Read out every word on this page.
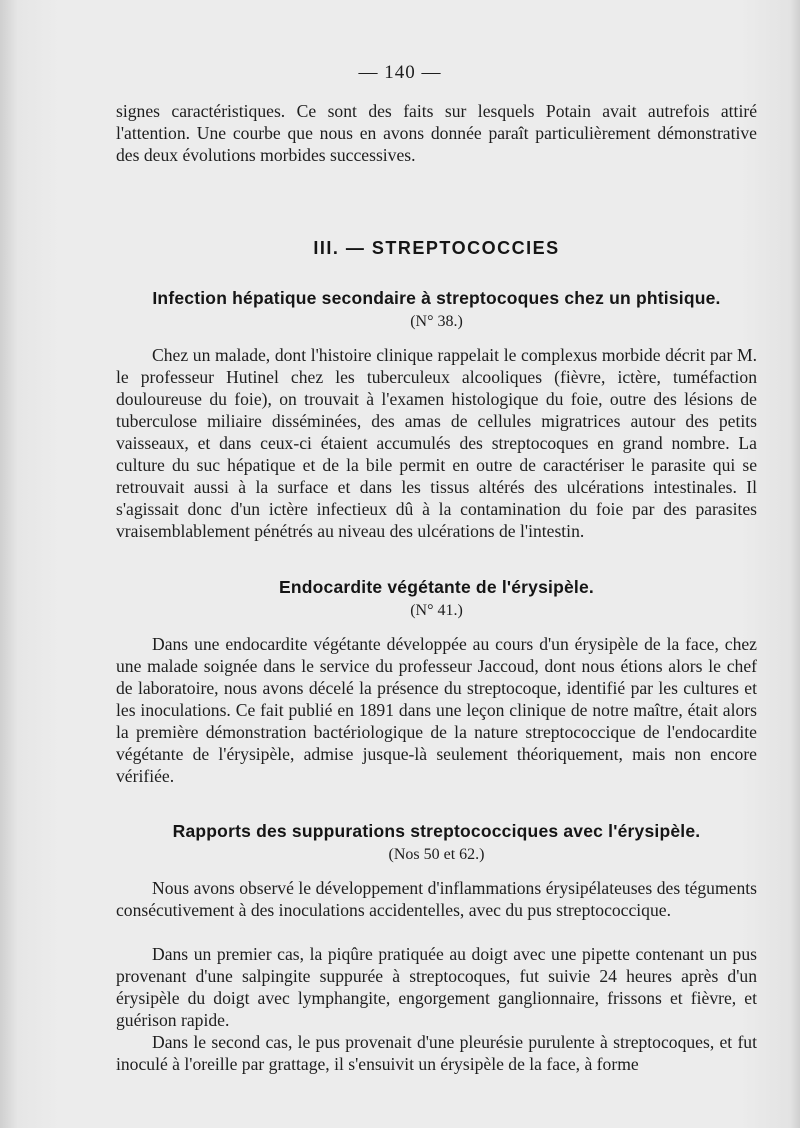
— 140 —

signes caractéristiques. Ce sont des faits sur lesquels Potain avait autrefois attiré l'attention. Une courbe que nous en avons donnée paraît particulièrement démonstrative des deux évolutions morbides successives.

III. — STREPTOCOCCIES
Infection hépatique secondaire à streptocoques chez un phtisique.
(N° 38.)

Chez un malade, dont l'histoire clinique rappelait le complexus morbide décrit par M. le professeur Hutinel chez les tuberculeux alcooliques (fièvre, ictère, tuméfaction douloureuse du foie), on trouvait à l'examen histologique du foie, outre des lésions de tuberculose miliaire disséminées, des amas de cellules migratrices autour des petits vaisseaux, et dans ceux-ci étaient accumulés des streptocoques en grand nombre. La culture du suc hépatique et de la bile permit en outre de caractériser le parasite qui se retrouvait aussi à la surface et dans les tissus altérés des ulcérations intestinales. Il s'agissait donc d'un ictère infectieux dû à la contamination du foie par des parasites vraisemblablement pénétrés au niveau des ulcérations de l'intestin.

Endocardite végétante de l'érysipèle.
(N° 41.)

Dans une endocardite végétante développée au cours d'un érysipèle de la face, chez une malade soignée dans le service du professeur Jaccoud, dont nous étions alors le chef de laboratoire, nous avons décelé la présence du streptocoque, identifié par les cultures et les inoculations. Ce fait publié en 1891 dans une leçon clinique de notre maître, était alors la première démonstration bactériologique de la nature streptococcique de l'endocardite végétante de l'érysipèle, admise jusque-là seulement théoriquement, mais non encore vérifiée.

Rapports des suppurations streptococciques avec l'érysipèle.
(Nos 50 et 62.)

Nous avons observé le développement d'inflammations érysipélateuses des téguments consécutivement à des inoculations accidentelles, avec du pus streptococcique.

Dans un premier cas, la piqûre pratiquée au doigt avec une pipette contenant un pus provenant d'une salpingite suppurée à streptocoques, fut suivie 24 heures après d'un érysipèle du doigt avec lymphangite, engorgement ganglionnaire, frissons et fièvre, et guérison rapide.

Dans le second cas, le pus provenait d'une pleurésie purulente à streptocoques, et fut inoculé à l'oreille par grattage, il s'ensuivit un érysipèle de la face, à forme
